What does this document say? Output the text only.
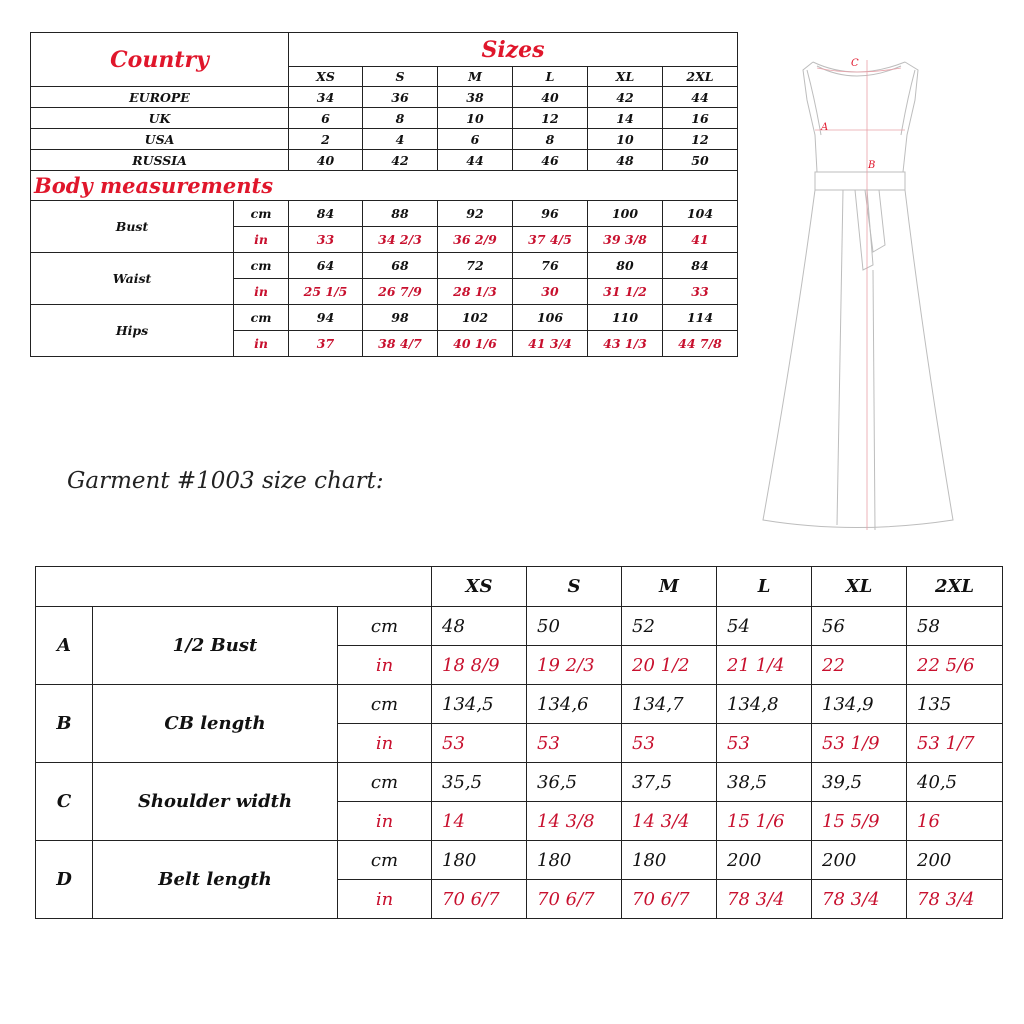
Country		Sizes					
		XS	S	M	L	XL	2XL
EUROPE		34	36	38	40	42	44
UK		6	8	10	12	14	16
USA		2	4	6	8	10	12
RUSSIA		40	42	44	46	48	50
Body measurements							
Bust	cm	84	88	92	96	100	104
	in	33	34 2/3	36 2/9	37 4/5	39 3/8	41
Waist	cm	64	68	72	76	80	84
	in	25 1/5	26 7/9	28 1/3	30	31 1/2	33
Hips	cm	94	98	102	106	110	114
	in	37	38 4/7	40 1/6	41 3/4	43 1/3	44 7/8
A
B
C
Garment #1003 size chart:
			XS	S	M	L	XL	2XL
A	1/2 Bust	cm	48	50	52	54	56	58
		in	18 8/9	19 2/3	20 1/2	21 1/4	22	22 5/6
B	CB length	cm	134,5	134,6	134,7	134,8	134,9	135
		in	53	53	53	53	53 1/9	53 1/7
C	Shoulder width	cm	35,5	36,5	37,5	38,5	39,5	40,5
		in	14	14 3/8	14 3/4	15 1/6	15 5/9	16
D	Belt length	cm	180	180	180	200	200	200
		in	70 6/7	70 6/7	70 6/7	78 3/4	78 3/4	78 3/4
